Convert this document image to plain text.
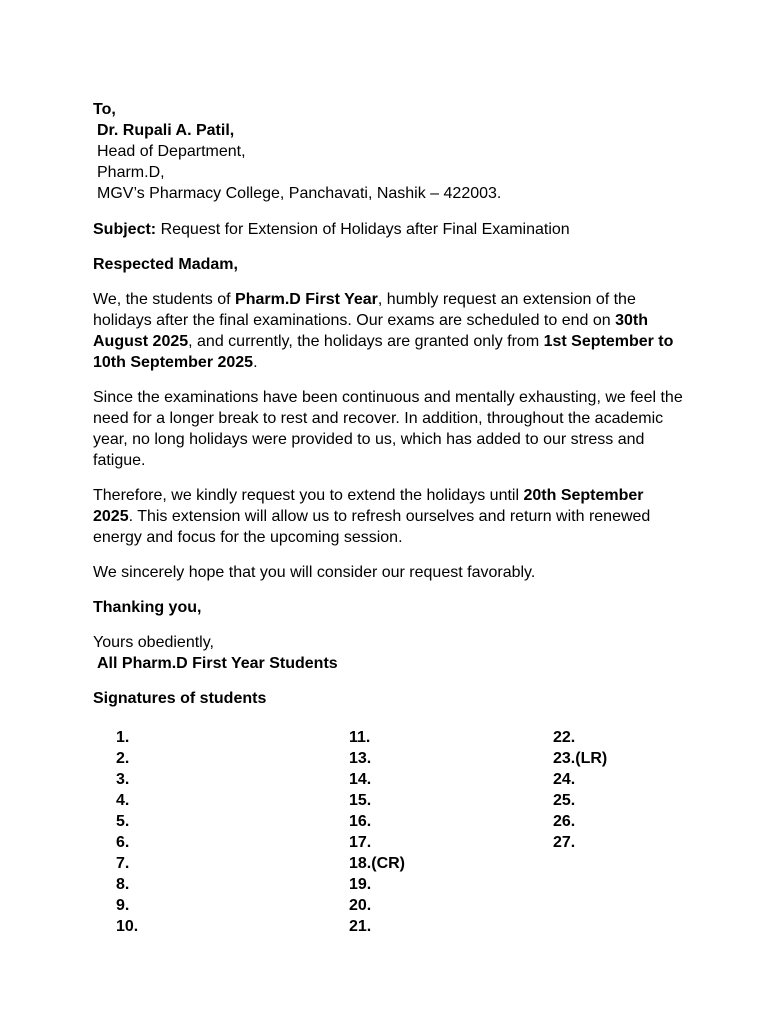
To,

Dr. Rupali A. Patil,

Head of Department,

Pharm.D,

MGV’s Pharmacy College, Panchavati, Nashik – 422003.

Subject: Request for Extension of Holidays after Final Examination

Respected Madam,

We, the students of Pharm.D First Year, humbly request an extension of the holidays after the final examinations. Our exams are scheduled to end on 30th August 2025, and currently, the holidays are granted only from 1st September to 10th September 2025.

Since the examinations have been continuous and mentally exhausting, we feel the need for a longer break to rest and recover. In addition, throughout the academic year, no long holidays were provided to us, which has added to our stress and fatigue.

Therefore, we kindly request you to extend the holidays until 20th September 2025. This extension will allow us to refresh ourselves and return with renewed energy and focus for the upcoming session.

We sincerely hope that you will consider our request favorably.

Thanking you,

Yours obediently,

All Pharm.D First Year Students

Signatures of students

1.
2.
3.
4.
5.
6.
7.
8.
9.
10.
11.
13.
14.
15.
16.
17.
18.(CR)
19.
20.
21.
22.
23.(LR)
24.
25.
26.
27.
